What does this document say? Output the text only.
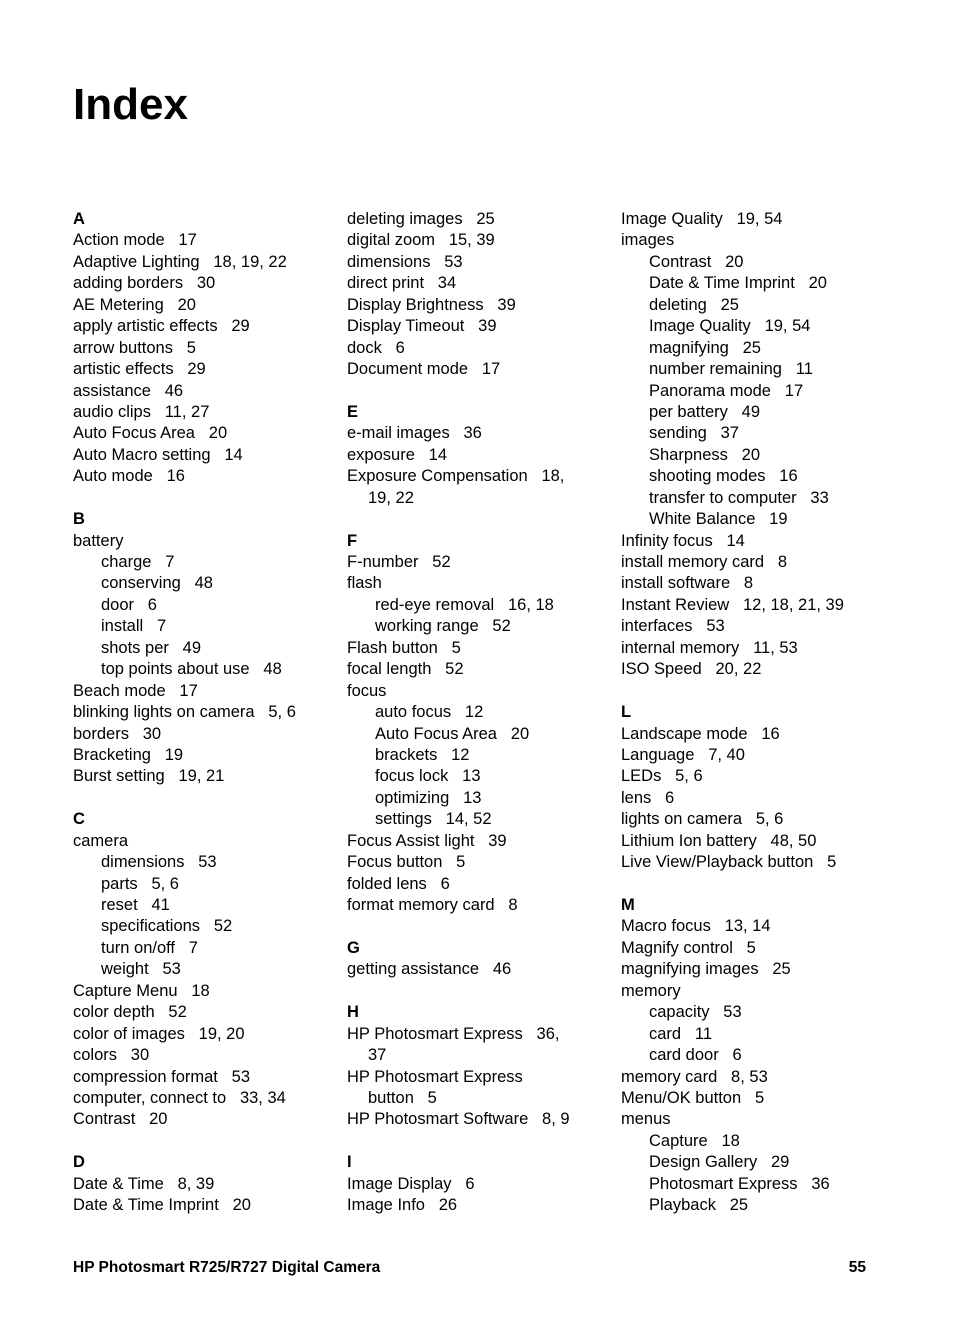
Index
A
Action mode 17
Adaptive Lighting 18, 19, 22
adding borders 30
AE Metering 20
apply artistic effects 29
arrow buttons 5
artistic effects 29
assistance 46
audio clips 11, 27
Auto Focus Area 20
Auto Macro setting 14
Auto mode 16
B
battery
charge 7
conserving 48
door 6
install 7
shots per 49
top points about use 48
Beach mode 17
blinking lights on camera 5, 6
borders 30
Bracketing 19
Burst setting 19, 21
C
camera
dimensions 53
parts 5, 6
reset 41
specifications 52
turn on/off 7
weight 53
Capture Menu 18
color depth 52
color of images 19, 20
colors 30
compression format 53
computer, connect to 33, 34
Contrast 20
D
Date & Time 8, 39
Date & Time Imprint 20
deleting images 25
digital zoom 15, 39
dimensions 53
direct print 34
Display Brightness 39
Display Timeout 39
dock 6
Document mode 17
E
e-mail images 36
exposure 14
Exposure Compensation 18,
19, 22
F
F-number 52
flash
red-eye removal 16, 18
working range 52
Flash button 5
focal length 52
focus
auto focus 12
Auto Focus Area 20
brackets 12
focus lock 13
optimizing 13
settings 14, 52
Focus Assist light 39
Focus button 5
folded lens 6
format memory card 8
G
getting assistance 46
H
HP Photosmart Express 36,
37
HP Photosmart Express
button 5
HP Photosmart Software 8, 9
I
Image Display 6
Image Info 26
Image Quality 19, 54
images
Contrast 20
Date & Time Imprint 20
deleting 25
Image Quality 19, 54
magnifying 25
number remaining 11
Panorama mode 17
per battery 49
sending 37
Sharpness 20
shooting modes 16
transfer to computer 33
White Balance 19
Infinity focus 14
install memory card 8
install software 8
Instant Review 12, 18, 21, 39
interfaces 53
internal memory 11, 53
ISO Speed 20, 22
L
Landscape mode 16
Language 7, 40
LEDs 5, 6
lens 6
lights on camera 5, 6
Lithium Ion battery 48, 50
Live View/Playback button 5
M
Macro focus 13, 14
Magnify control 5
magnifying images 25
memory
capacity 53
card 11
card door 6
memory card 8, 53
Menu/OK button 5
menus
Capture 18
Design Gallery 29
Photosmart Express 36
Playback 25
HP Photosmart R725/R727 Digital Camera	55
